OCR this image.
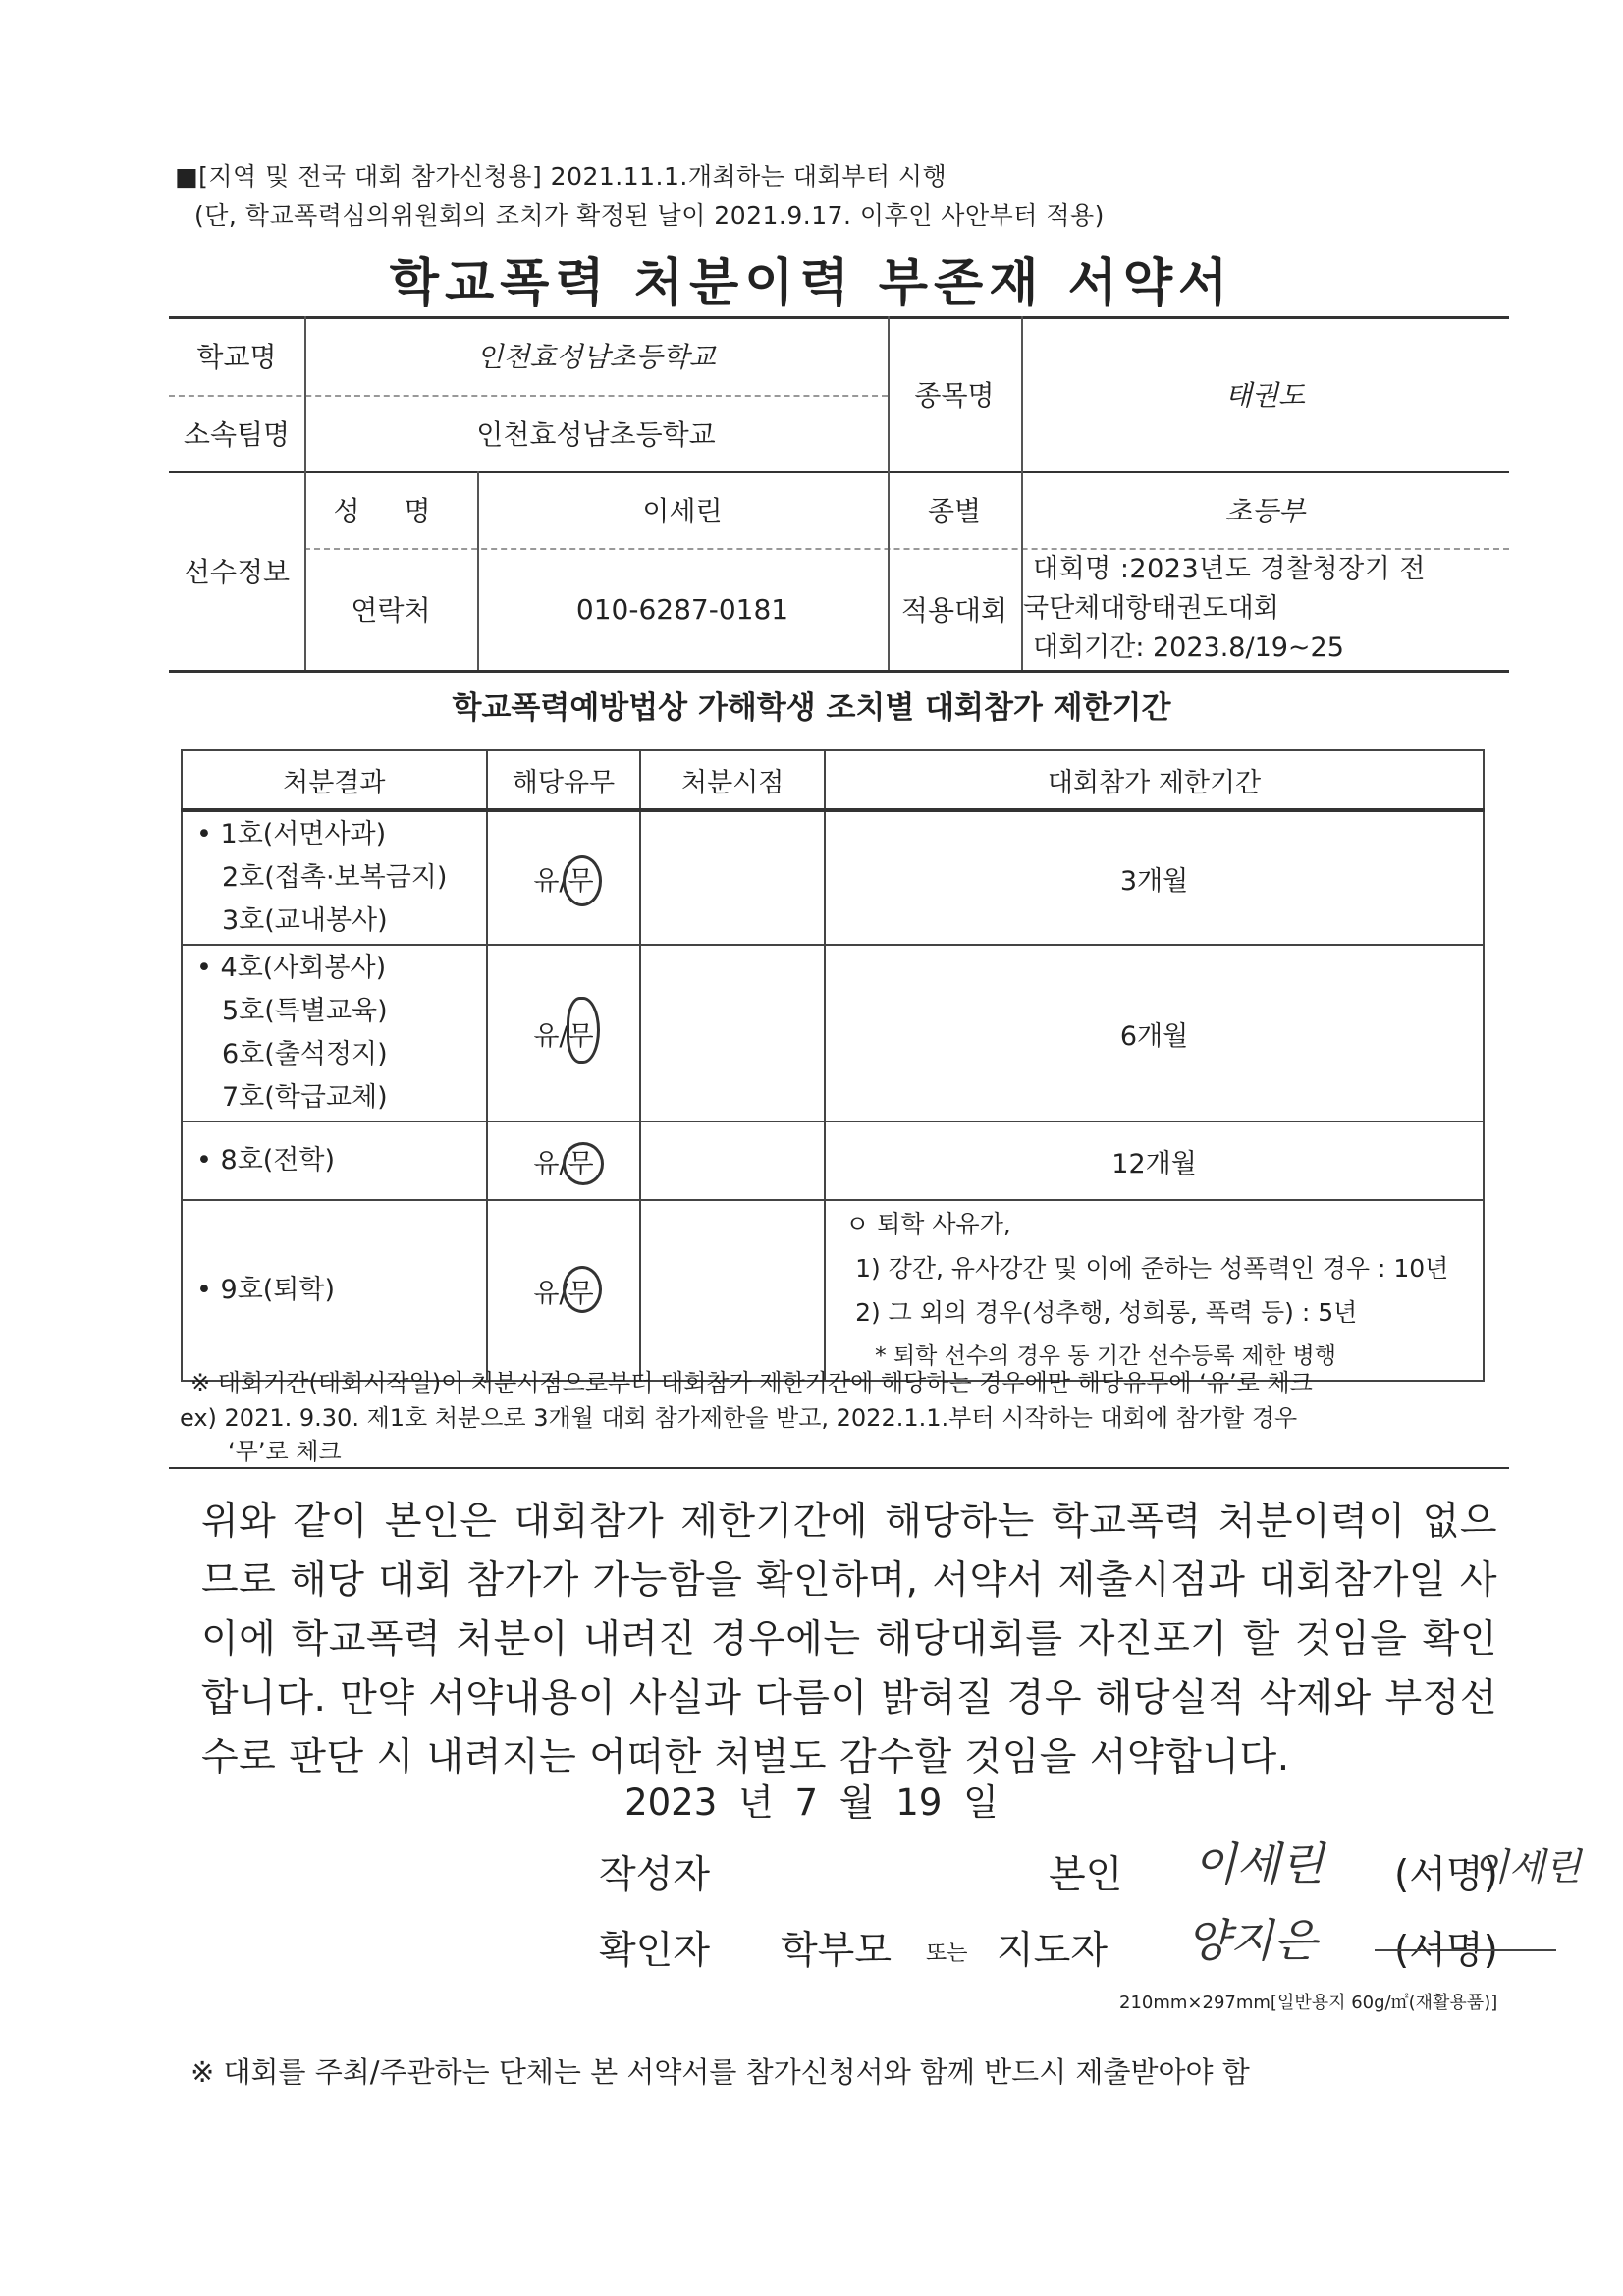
■[지역 및 전국 대회 참가신청용] 2021.11.1.개최하는 대회부터 시행
(단, 학교폭력심의위원회의 조치가 확정된 날이 2021.9.17. 이후인 사안부터 적용)
학교폭력 처분이력 부존재 서약서
학교명	인천효성남초등학교
소속팀명	인천효성남초등학교
종목명	태권도
선수정보
성 명	이세린	종별	초등부
연락처	010-6287-0181	적용대회
대회명 :2023년도 경찰청장기 전
국단체대항태권도대회
대회기간: 2023.8/19~25
학교폭력예방법상 가해학생 조치별 대회참가 제한기간
처분결과	해당유무	처분시점	대회참가 제한기간

• 1호(서면사과)
2호(접촉·보복금지)
3호(교내봉사)	유/무		3개월

• 4호(사회봉사)
5호(특별교육)
6호(출석정지)
7호(학급교체)	유/무		6개월

• 8호(전학)	유/무		12개월

• 9호(퇴학)	유/무		ㅇ 퇴학 사유가,
1) 강간, 유사강간 및 이에 준하는 성폭력인 경우 : 10년
2) 그 외의 경우(성추행, 성희롱, 폭력 등) : 5년
* 퇴학 선수의 경우 동 기간 선수등록 제한 병행
※ 대회기간(대회시작일)이 처분시점으로부터 대회참가 제한기간에 해당하는 경우에만 해당유무에 ‘유’로 체크
ex) 2021. 9.30. 제1호 처분으로 3개월 대회 참가제한을 받고, 2022.1.1.부터 시작하는 대회에 참가할 경우
‘무’로 체크
위와 같이 본인은 대회참가 제한기간에 해당하는 학교폭력 처분이력이 없으므로 해당 대회 참가가 가능함을 확인하며, 서약서 제출시점과 대회참가일 사이에 학교폭력 처분이 내려진 경우에는 해당대회를 자진포기 할 것임을 확인합니다. 만약 서약내용이 사실과 다름이 밝혀질 경우 해당실적 삭제와 부정선수로 판단 시 내려지는 어떠한 처벌도 감수할 것임을 서약합니다.
2023 년 7 월 19 일
작성자	본인 이세린 (서명)
이세린
확인자 학부모 또는 지도자 양지은 (서명)
210mm×297mm[일반용지 60g/㎡(재활용품)]
※ 대회를 주최/주관하는 단체는 본 서약서를 참가신청서와 함께 반드시 제출받아야 함
